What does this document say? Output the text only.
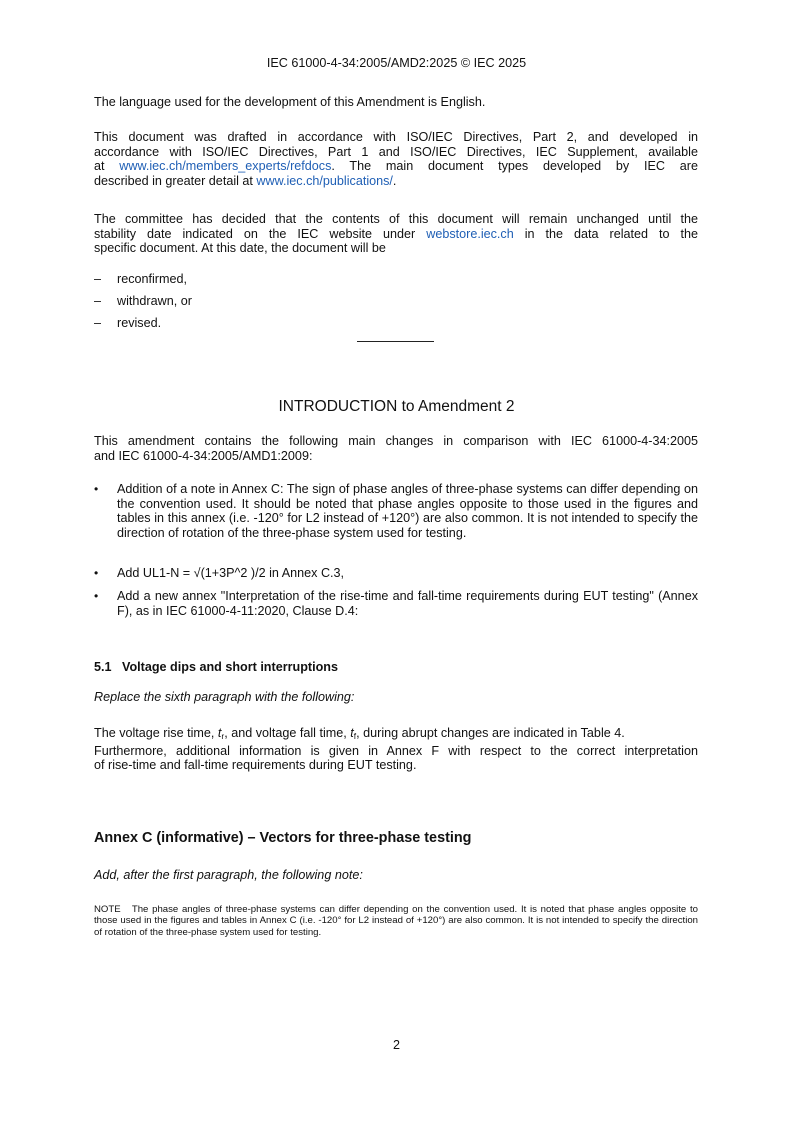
IEC 61000-4-34:2005/AMD2:2025 © IEC 2025
The language used for the development of this Amendment is English.
This document was drafted in accordance with ISO/IEC Directives, Part 2, and developed in
accordance with ISO/IEC Directives, Part 1 and ISO/IEC Directives, IEC Supplement, available
at www.iec.ch/members_experts/refdocs. The main document types developed by IEC are
described in greater detail at www.iec.ch/publications/.
The committee has decided that the contents of this document will remain unchanged until the
stability date indicated on the IEC website under webstore.iec.ch in the data related to the
specific document. At this date, the document will be
– reconfirmed,
– withdrawn, or
– revised.
INTRODUCTION to Amendment 2
This amendment contains the following main changes in comparison with IEC 61000-4-34:2005
and IEC 61000-4-34:2005/AMD1:2009:
•	Addition of a note in Annex C: The sign of phase angles of three-phase systems can differ depending on the convention used. It should be noted that phase angles opposite to those used in the figures and tables in this annex (i.e. -120° for L2 instead of +120°) are also common. It is not intended to specify the direction of rotation of the three-phase system used for testing.
•	Add UL1-N = √(1+3P^2 )/2 in Annex C.3,
•	Add a new annex "Interpretation of the rise-time and fall-time requirements during EUT testing" (Annex F), as in IEC 61000-4-11:2020, Clause D.4:
5.1   Voltage dips and short interruptions
Replace the sixth paragraph with the following:
The voltage rise time, $t_r$, and voltage fall time, $t_f$, during abrupt changes are indicated in Table 4.
Furthermore, additional information is given in Annex F with respect to the correct interpretation
of rise-time and fall-time requirements during EUT testing.
Annex C (informative) – Vectors for three-phase testing
Add, after the first paragraph, the following note:
NOTE The phase angles of three-phase systems can differ depending on the convention used. It is noted that phase angles opposite to those used in the figures and tables in Annex C (i.e. -120° for L2 instead of +120°) are also common. It is not intended to specify the direction of rotation of the three-phase system used for testing.
2
